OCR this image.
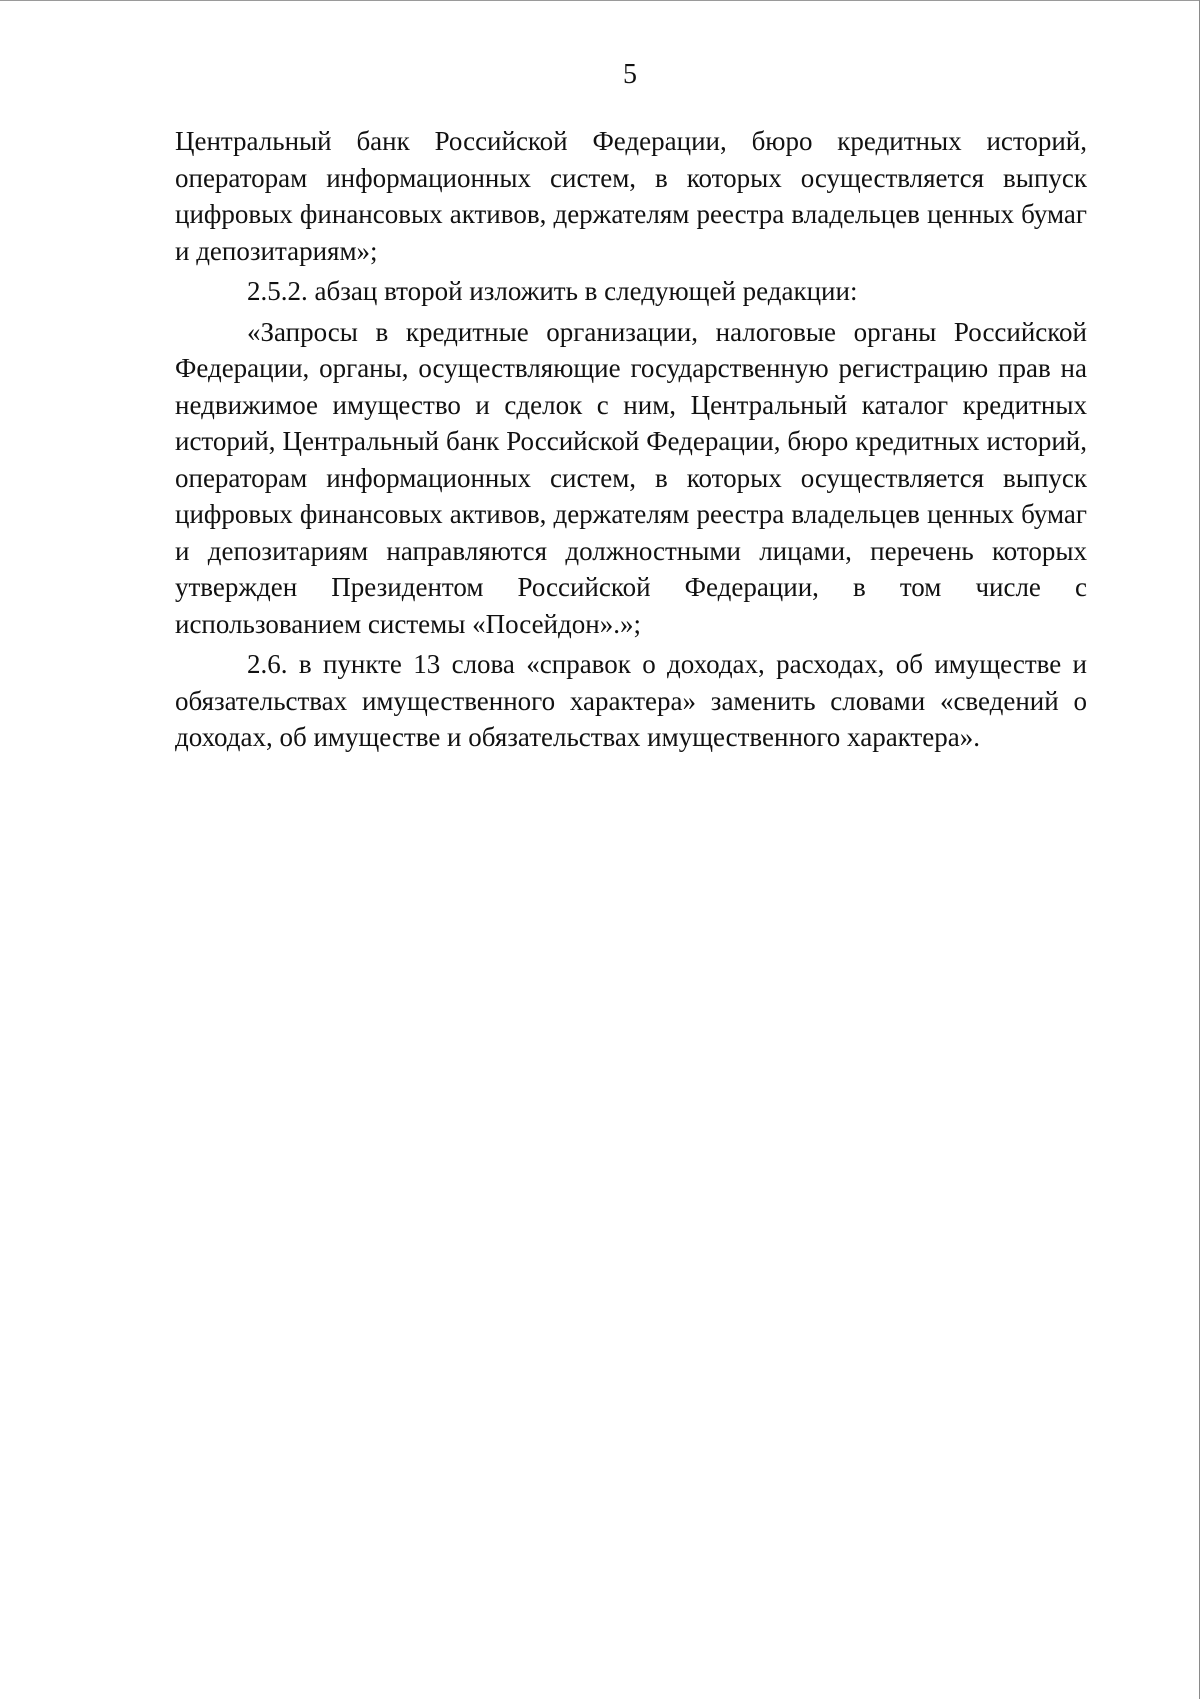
5

Центральный банк Российской Федерации, бюро кредитных историй, операторам информационных систем, в которых осуществляется выпуск цифровых финансовых активов, держателям реестра владельцев ценных бумаг и депозитариям»;

2.5.2. абзац второй изложить в следующей редакции:

«Запросы в кредитные организации, налоговые органы Российской Федерации, органы, осуществляющие государственную регистрацию прав на недвижимое имущество и сделок с ним, Центральный каталог кредитных историй, Центральный банк Российской Федерации, бюро кредитных историй, операторам информационных систем, в которых осуществляется выпуск цифровых финансовых активов, держателям реестра владельцев ценных бумаг и депозитариям направляются должностными лицами, перечень которых утвержден Президентом Российской Федерации, в том числе с использованием системы «Посейдон».»;

2.6. в пункте 13 слова «справок о доходах, расходах, об имуществе и обязательствах имущественного характера» заменить словами «сведений о доходах, об имуществе и обязательствах имущественного характера».
